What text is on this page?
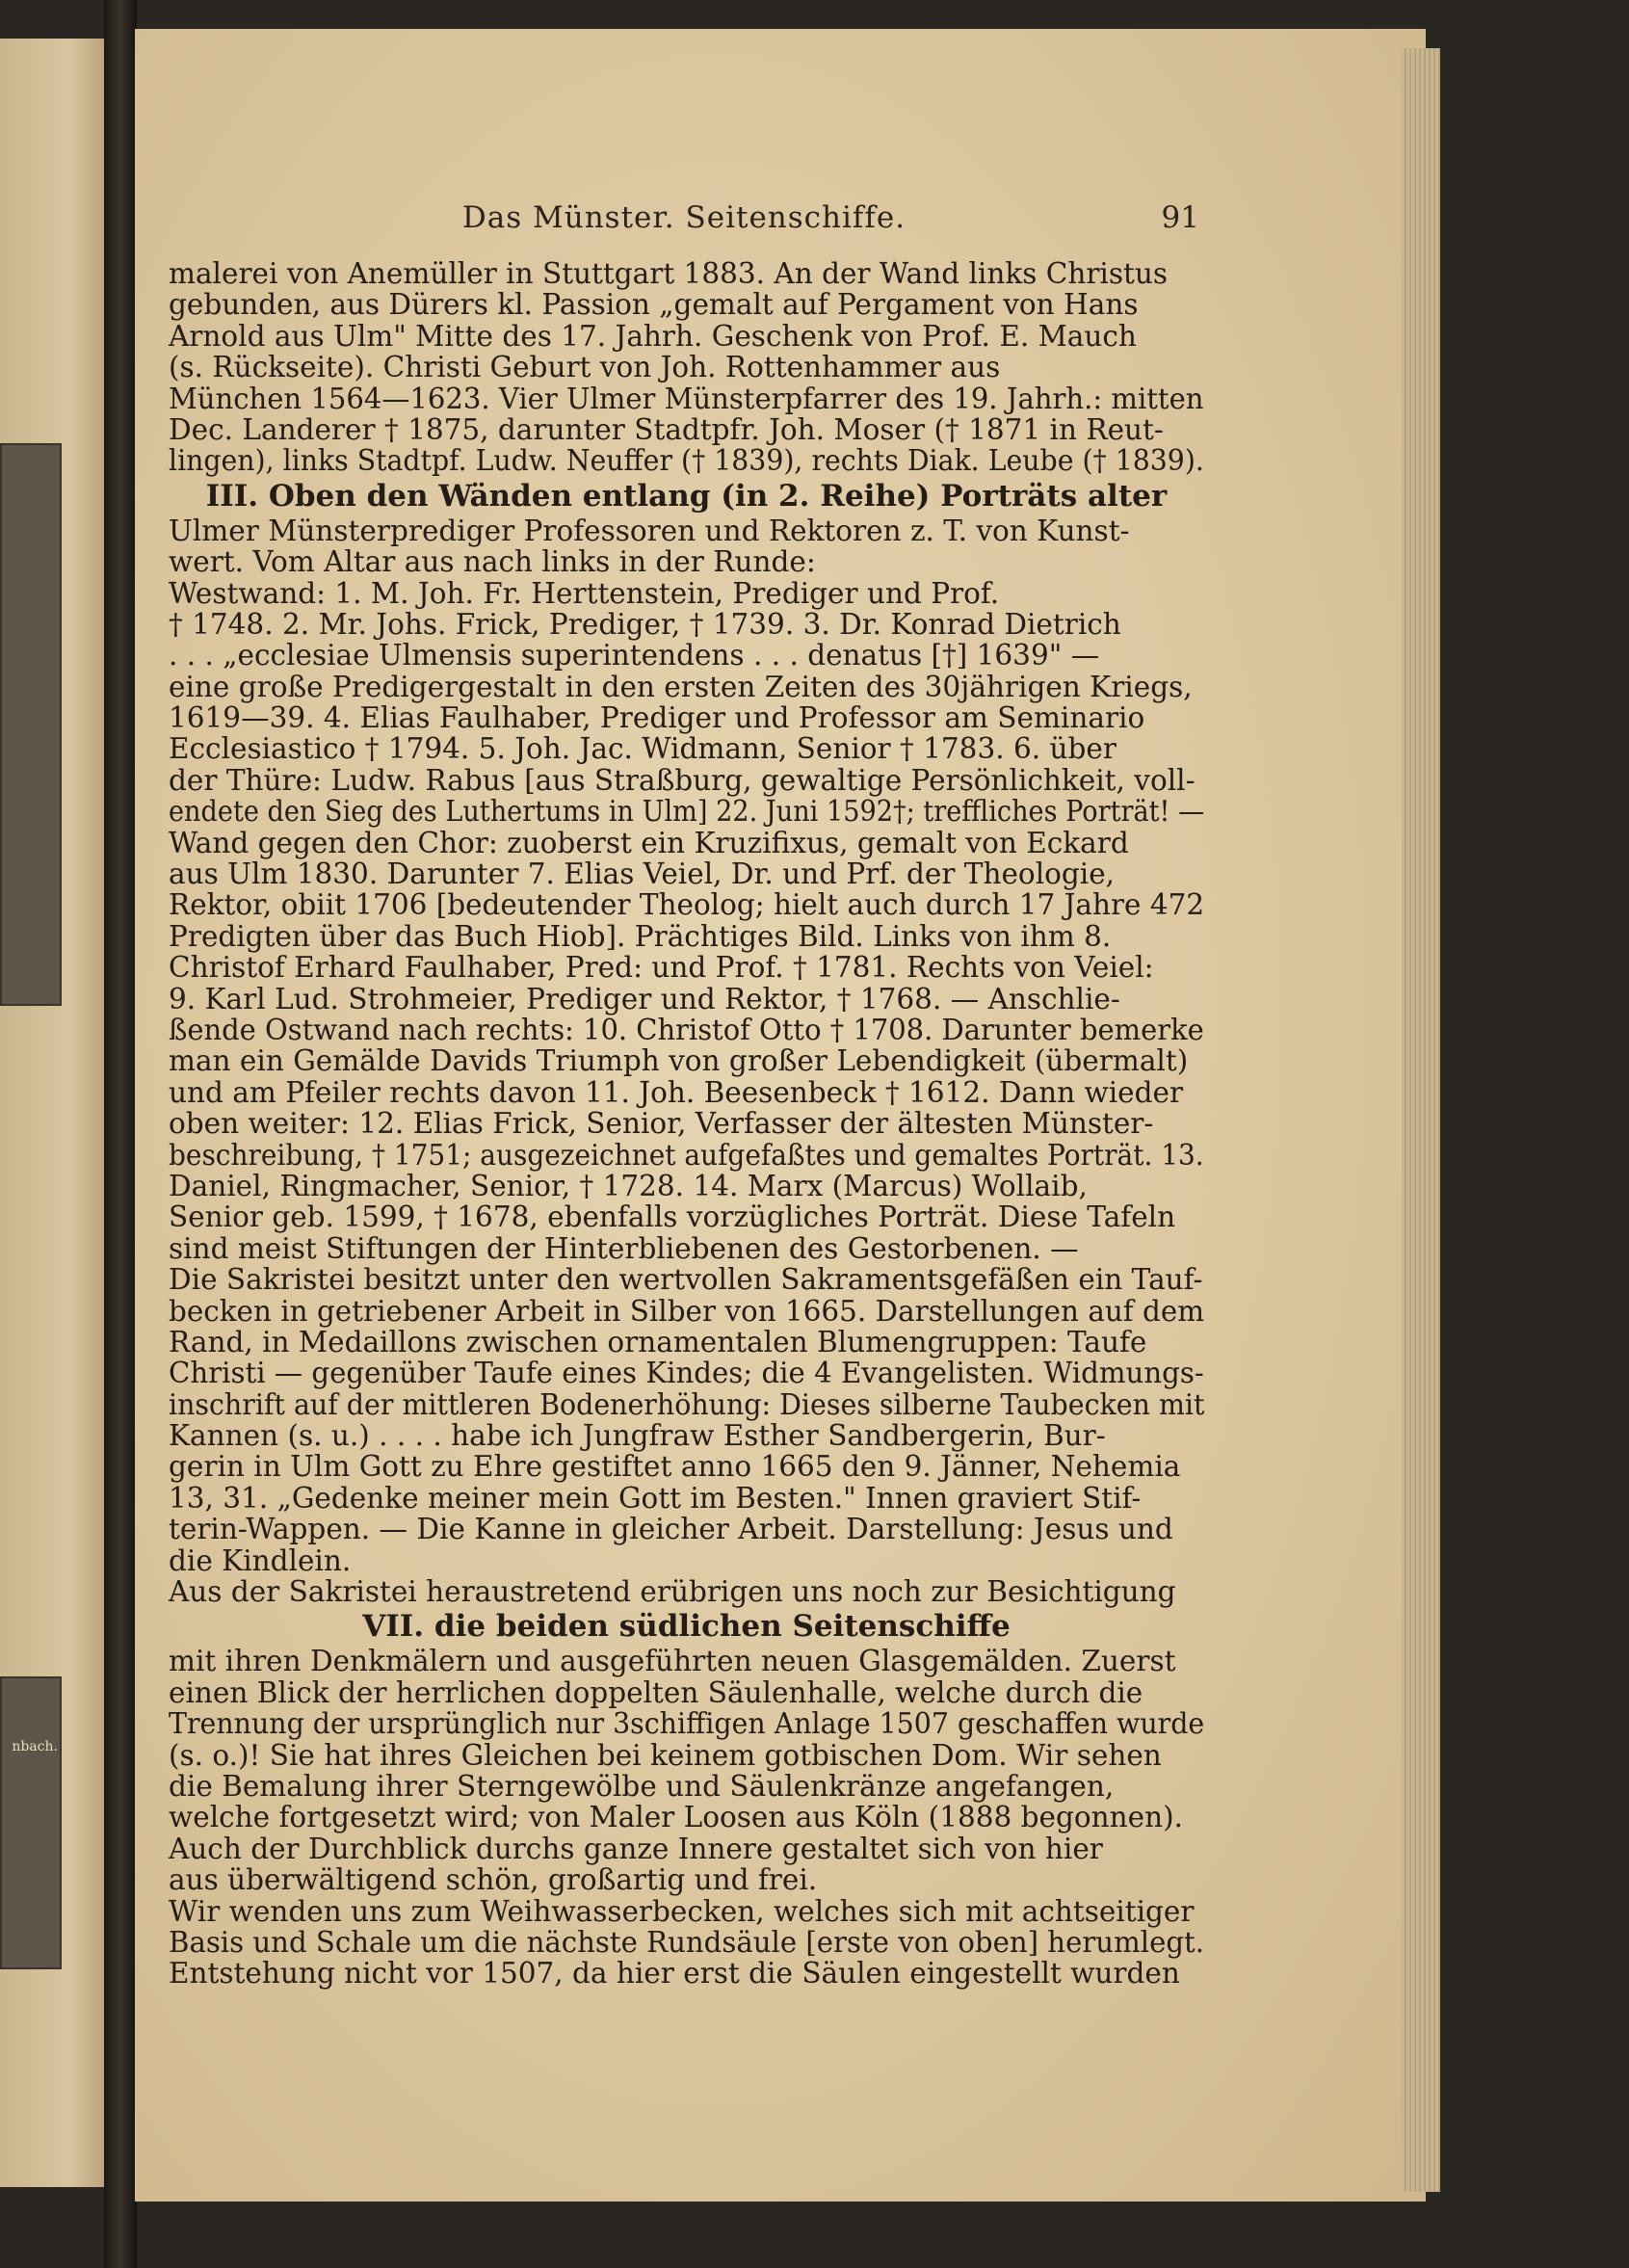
nbach.
Das Münster. Seitenschiffe.	91
malerei von Anemüller in Stuttgart 1883. An der Wand links Christus
gebunden, aus Dürers kl. Passion „gemalt auf Pergament von Hans
Arnold aus Ulm" Mitte des 17. Jahrh. Geschenk von Prof. E. Mauch
(s. Rückseite). Christi Geburt von Joh. Rottenhammer aus
München 1564—1623. Vier Ulmer Münsterpfarrer des 19. Jahrh.: mitten
Dec. Landerer † 1875, darunter Stadtpfr. Joh. Moser († 1871 in Reut-
lingen), links Stadtpf. Ludw. Neuffer († 1839), rechts Diak. Leube († 1839).
III. Oben den Wänden entlang (in 2. Reihe) Porträts alter
Ulmer Münsterprediger Professoren und Rektoren z. T. von Kunst-
wert. Vom Altar aus nach links in der Runde:
Westwand: 1. M. Joh. Fr. Herttenstein, Prediger und Prof.
† 1748. 2. Mr. Johs. Frick, Prediger, † 1739. 3. Dr. Konrad Dietrich
. . . „ecclesiae Ulmensis superintendens . . . denatus [†] 1639" —
eine große Predigergestalt in den ersten Zeiten des 30jährigen Kriegs,
1619—39. 4. Elias Faulhaber, Prediger und Professor am Seminario
Ecclesiastico † 1794. 5. Joh. Jac. Widmann, Senior † 1783. 6. über
der Thüre: Ludw. Rabus [aus Straßburg, gewaltige Persönlichkeit, voll-
endete den Sieg des Luthertums in Ulm] 22. Juni 1592†; treffliches Porträt! —
Wand gegen den Chor: zuoberst ein Kruzifixus, gemalt von Eckard
aus Ulm 1830. Darunter 7. Elias Veiel, Dr. und Prf. der Theologie,
Rektor, obiit 1706 [bedeutender Theolog; hielt auch durch 17 Jahre 472
Predigten über das Buch Hiob]. Prächtiges Bild. Links von ihm 8.
Christof Erhard Faulhaber, Pred: und Prof. † 1781. Rechts von Veiel:
9. Karl Lud. Strohmeier, Prediger und Rektor, † 1768. — Anschlie-
ßende Ostwand nach rechts: 10. Christof Otto † 1708. Darunter bemerke
man ein Gemälde Davids Triumph von großer Lebendigkeit (übermalt)
und am Pfeiler rechts davon 11. Joh. Beesenbeck † 1612. Dann wieder
oben weiter: 12. Elias Frick, Senior, Verfasser der ältesten Münster-
beschreibung, † 1751; ausgezeichnet aufgefaßtes und gemaltes Porträt. 13.
Daniel, Ringmacher, Senior, † 1728. 14. Marx (Marcus) Wollaib,
Senior geb. 1599, † 1678, ebenfalls vorzügliches Porträt. Diese Tafeln
sind meist Stiftungen der Hinterbliebenen des Gestorbenen. —
Die Sakristei besitzt unter den wertvollen Sakramentsgefäßen ein Tauf-
becken in getriebener Arbeit in Silber von 1665. Darstellungen auf dem
Rand, in Medaillons zwischen ornamentalen Blumengruppen: Taufe
Christi — gegenüber Taufe eines Kindes; die 4 Evangelisten. Widmungs-
inschrift auf der mittleren Bodenerhöhung: Dieses silberne Taubecken mit
Kannen (s. u.) . . . . habe ich Jungfraw Esther Sandbergerin, Bur-
gerin in Ulm Gott zu Ehre gestiftet anno 1665 den 9. Jänner, Nehemia
13, 31. „Gedenke meiner mein Gott im Besten." Innen graviert Stif-
terin-Wappen. — Die Kanne in gleicher Arbeit. Darstellung: Jesus und
die Kindlein.
Aus der Sakristei heraustretend erübrigen uns noch zur Besichtigung
VII. die beiden südlichen Seitenschiffe
mit ihren Denkmälern und ausgeführten neuen Glasgemälden. Zuerst
einen Blick der herrlichen doppelten Säulenhalle, welche durch die
Trennung der ursprünglich nur 3schiffigen Anlage 1507 geschaffen wurde
(s. o.)! Sie hat ihres Gleichen bei keinem gotbischen Dom. Wir sehen
die Bemalung ihrer Sterngewölbe und Säulenkränze angefangen,
welche fortgesetzt wird; von Maler Loosen aus Köln (1888 begonnen).
Auch der Durchblick durchs ganze Innere gestaltet sich von hier
aus überwältigend schön, großartig und frei.
Wir wenden uns zum Weihwasserbecken, welches sich mit achtseitiger
Basis und Schale um die nächste Rundsäule [erste von oben] herumlegt.
Entstehung nicht vor 1507, da hier erst die Säulen eingestellt wurden
